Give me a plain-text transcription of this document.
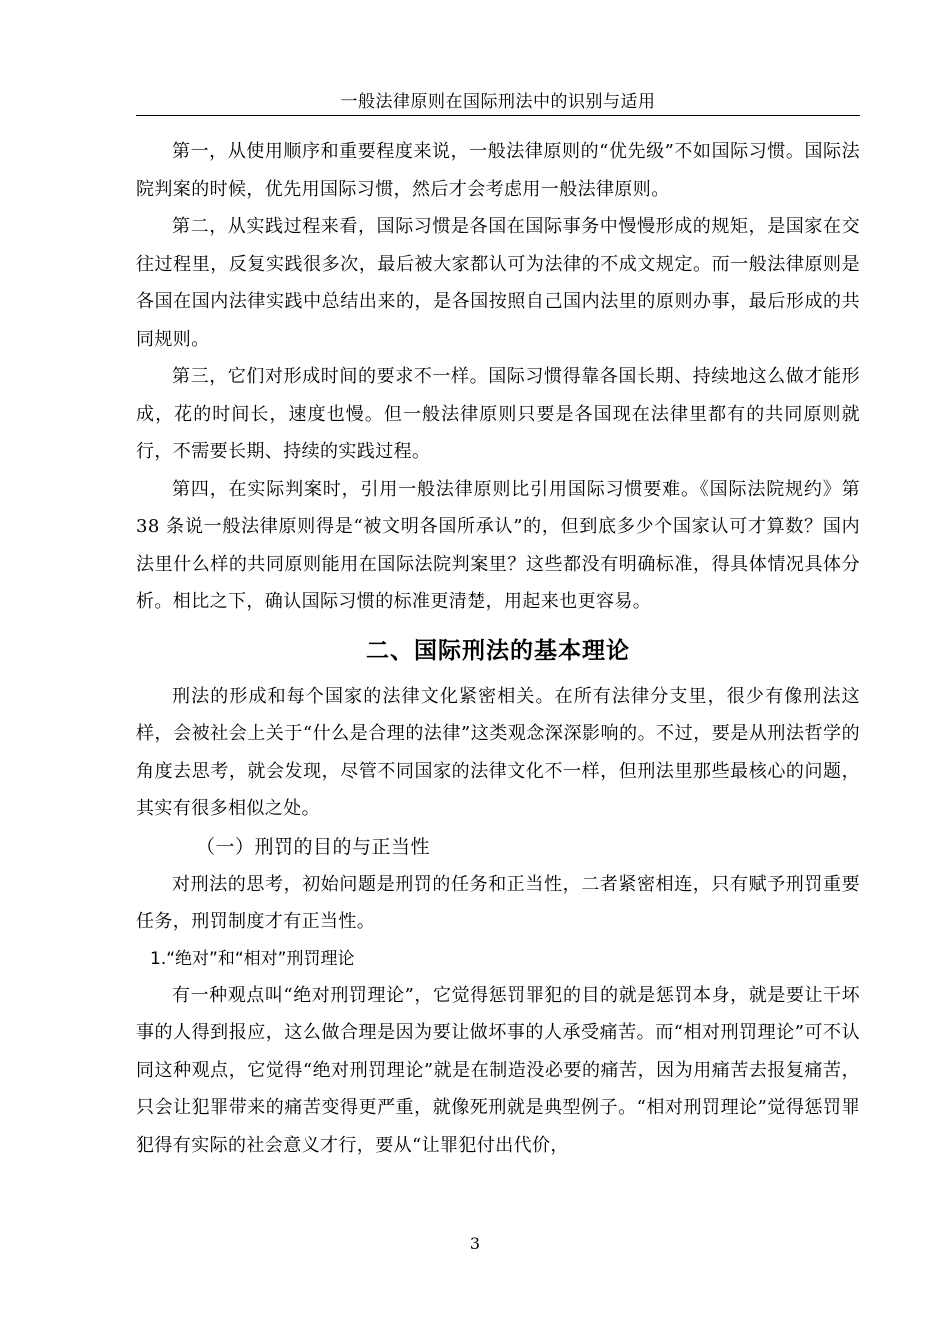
一般法律原则在国际刑法中的识别与适用

第一，从使用顺序和重要程度来说，一般法律原则的“优先级”不如国际习惯。国际法院判案的时候，优先用国际习惯，然后才会考虑用一般法律原则。

第二，从实践过程来看，国际习惯是各国在国际事务中慢慢形成的规矩，是国家在交往过程里，反复实践很多次，最后被大家都认可为法律的不成文规定。而一般法律原则是各国在国内法律实践中总结出来的，是各国按照自己国内法里的原则办事，最后形成的共同规则。

第三，它们对形成时间的要求不一样。国际习惯得靠各国长期、持续地这么做才能形成，花的时间长，速度也慢。但一般法律原则只要是各国现在法律里都有的共同原则就行，不需要长期、持续的实践过程。

第四，在实际判案时，引用一般法律原则比引用国际习惯要难。《国际法院规约》第 38 条说一般法律原则得是“被文明各国所承认”的，但到底多少个国家认可才算数？国内法里什么样的共同原则能用在国际法院判案里？这些都没有明确标准，得具体情况具体分析。相比之下，确认国际习惯的标准更清楚，用起来也更容易。

二、国际刑法的基本理论

刑法的形成和每个国家的法律文化紧密相关。在所有法律分支里，很少有像刑法这样，会被社会上关于“什么是合理的法律”这类观念深深影响的。不过，要是从刑法哲学的角度去思考，就会发现，尽管不同国家的法律文化不一样，但刑法里那些最核心的问题，其实有很多相似之处。

（一）刑罚的目的与正当性

对刑法的思考，初始问题是刑罚的任务和正当性，二者紧密相连，只有赋予刑罚重要任务，刑罚制度才有正当性。

1.“绝对”和“相对”刑罚理论

有一种观点叫“绝对刑罚理论”，它觉得惩罚罪犯的目的就是惩罚本身，就是要让干坏事的人得到报应，这么做合理是因为要让做坏事的人承受痛苦。而“相对刑罚理论”可不认同这种观点，它觉得“绝对刑罚理论”就是在制造没必要的痛苦，因为用痛苦去报复痛苦，只会让犯罪带来的痛苦变得更严重，就像死刑就是典型例子。“相对刑罚理论”觉得惩罚罪犯得有实际的社会意义才行，要从“让罪犯付出代价，

3
